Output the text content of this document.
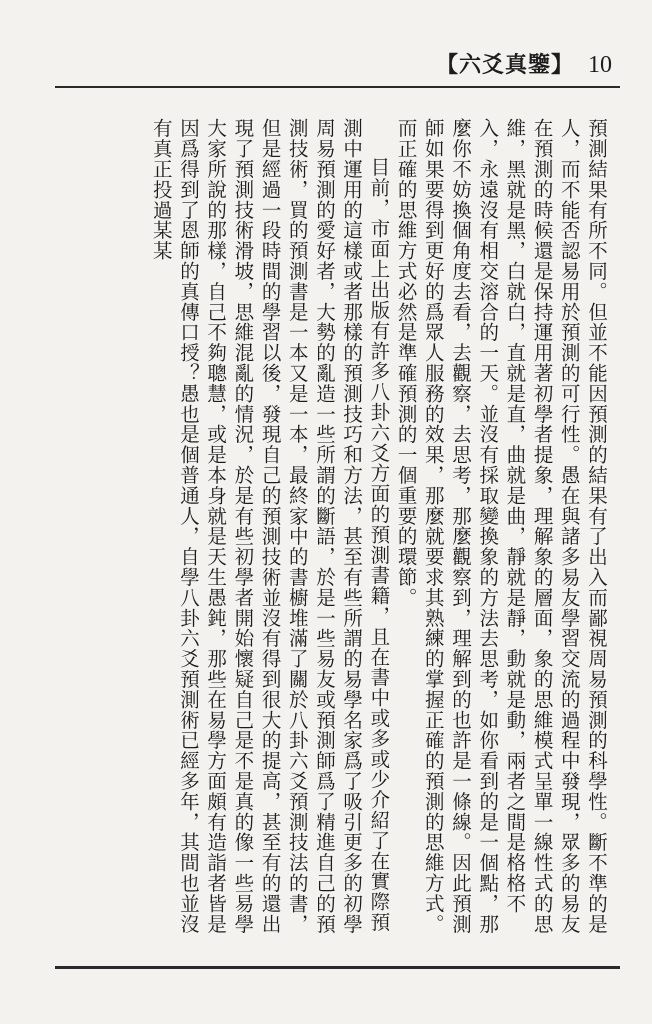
【六爻真鑒】 10

預測結果有所不同。但並不能因預測的結果有了出入而鄙視周易預測的科學性。斷不準的是人，而不能否認易用於預測的可行性。愚在與諸多易友學習交流的過程中發現，眾多的易友在預測的時候還是保持運用著初學者提象，理解象的層面，象的思維模式呈單一線性式的思維，黑就是黑，白就白，直就是直，曲就是曲，靜就是靜，動就是動，兩者之間是格格不入，永遠沒有相交溶合的一天。並沒有採取變換象的方法去思考，如你看到的是一個點，那麼你不妨換個角度去看，去觀察，去思考，那麼觀察到，理解到的也許是一條線。因此預測師如果要得到更好的爲眾人服務的效果，那麼就要求其熟練的掌握正確的預測的思維方式。而正確的思維方式必然是準確預測的一個重要的環節。

目前，市面上出版有許多八卦六爻方面的預測書籍，且在書中或多或少介紹了在實際預測中運用的這樣或者那樣的預測技巧和方法，甚至有些所謂的易學名家爲了吸引更多的初學周易預測的愛好者，大勢的亂造一些所謂的斷語，於是一些易友或預測師爲了精進自己的預測技術，買的預測書是一本又是一本，最終家中的書櫥堆滿了關於八卦六爻預測技法的書，但是經過一段時間的學習以後，發現自己的預測技術並沒有得到很大的提高，甚至有的還出現了預測技術滑坡，思維混亂的情況，於是有些初學者開始懷疑自己是不是真的像一些易學大家所說的那樣，自己不夠聰慧，或是本身就是天生愚鈍，那些在易學方面頗有造詣者皆是因爲得到了恩師的真傳口授？愚也是個普通人，自學八卦六爻預測術已經多年，其間也並沒有真正投過某某
